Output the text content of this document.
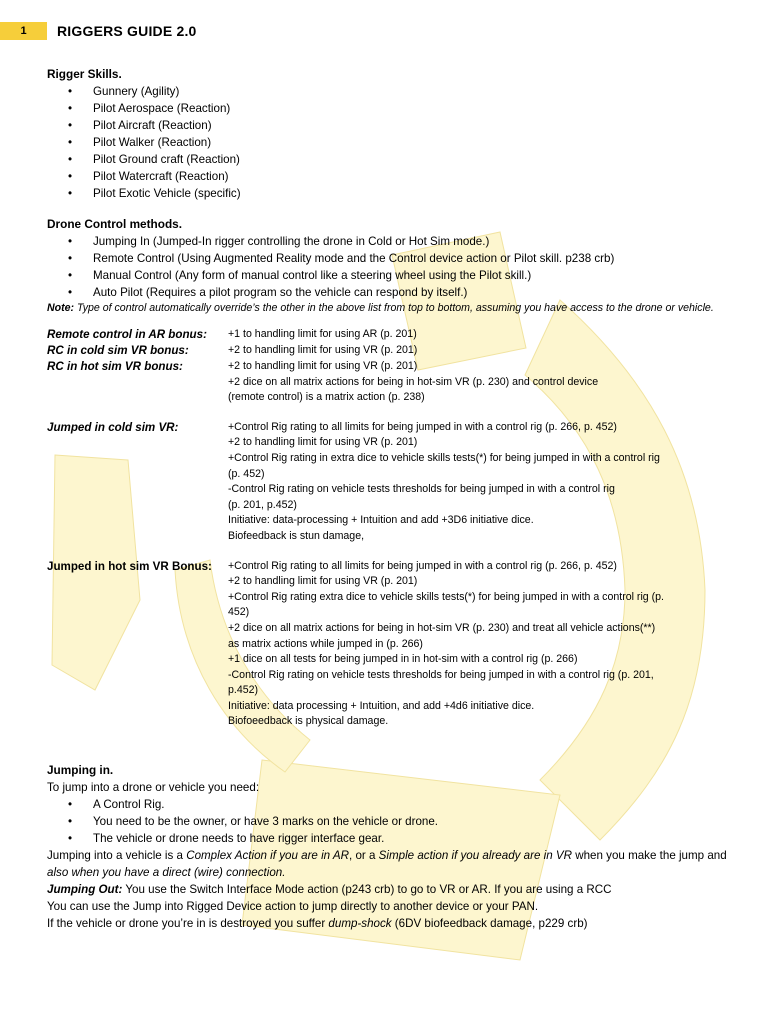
1	RIGGERS GUIDE 2.0
Rigger Skills.
• Gunnery (Agility)
• Pilot Aerospace (Reaction)
• Pilot Aircraft (Reaction)
• Pilot Walker (Reaction)
• Pilot Ground craft (Reaction)
• Pilot Watercraft (Reaction)
• Pilot Exotic Vehicle (specific)
Drone Control methods.
• Jumping In (Jumped-In rigger controlling the drone in Cold or Hot Sim mode.)
• Remote Control (Using Augmented Reality mode and the Control device action or Pilot skill. p238 crb)
• Manual Control (Any form of manual control like a steering wheel using the Pilot skill.)
• Auto Pilot (Requires a pilot program so the vehicle can respond by itself.)
Note: Type of control automatically override’s the other in the above list from top to bottom, assuming you have access to the drone or vehicle.
Remote control in AR bonus:	+1 to handling limit for using AR (p. 201)
RC in cold sim VR bonus:	+2 to handling limit for using VR (p. 201)
RC in hot sim VR bonus:	+2 to handling limit for using VR (p. 201)
+2 dice on all matrix actions for being in hot-sim VR (p. 230) and control device
(remote control) is a matrix action (p. 238)
Jumped in cold sim VR:	+Control Rig rating to all limits for being jumped in with a control rig (p. 266, p. 452)
+2 to handling limit for using VR (p. 201)
+Control Rig rating in extra dice to vehicle skills tests(*) for being jumped in with a control rig
(p. 452)
-Control Rig rating on vehicle tests thresholds for being jumped in with a control rig
(p. 201, p.452)
Initiative: data-processing + Intuition and add +3D6 initiative dice.
Biofeedback is stun damage,
Jumped in hot sim VR Bonus:	+Control Rig rating to all limits for being jumped in with a control rig (p. 266, p. 452)
+2 to handling limit for using VR (p. 201)
+Control Rig rating extra dice to vehicle skills tests(*) for being jumped in with a control rig (p.
452)
+2 dice on all matrix actions for being in hot-sim VR (p. 230) and treat all vehicle actions(**)
as matrix actions while jumped in (p. 266)
+1 dice on all tests for being jumped in in hot-sim with a control rig (p. 266)
-Control Rig rating on vehicle tests thresholds for being jumped in with a control rig (p. 201,
p.452)
Initiative: data processing + Intuition, and add +4d6 initiative dice.
Biofoeedback is physical damage.
Jumping in.
To jump into a drone or vehicle you need:
• A Control Rig.
• You need to be the owner, or have 3 marks on the vehicle or drone.
• The vehicle or drone needs to have rigger interface gear.
Jumping into a vehicle is a Complex Action if you are in AR, or a Simple action if you already are in VR when you make the jump and also when you have a direct (wire) connection.
Jumping Out: You use the Switch Interface Mode action (p243 crb) to go to VR or AR. If you are using a RCC
You can use the Jump into Rigged Device action to jump directly to another device or your PAN.
If the vehicle or drone you’re in is destroyed you suffer dump-shock (6DV biofeedback damage, p229 crb)
